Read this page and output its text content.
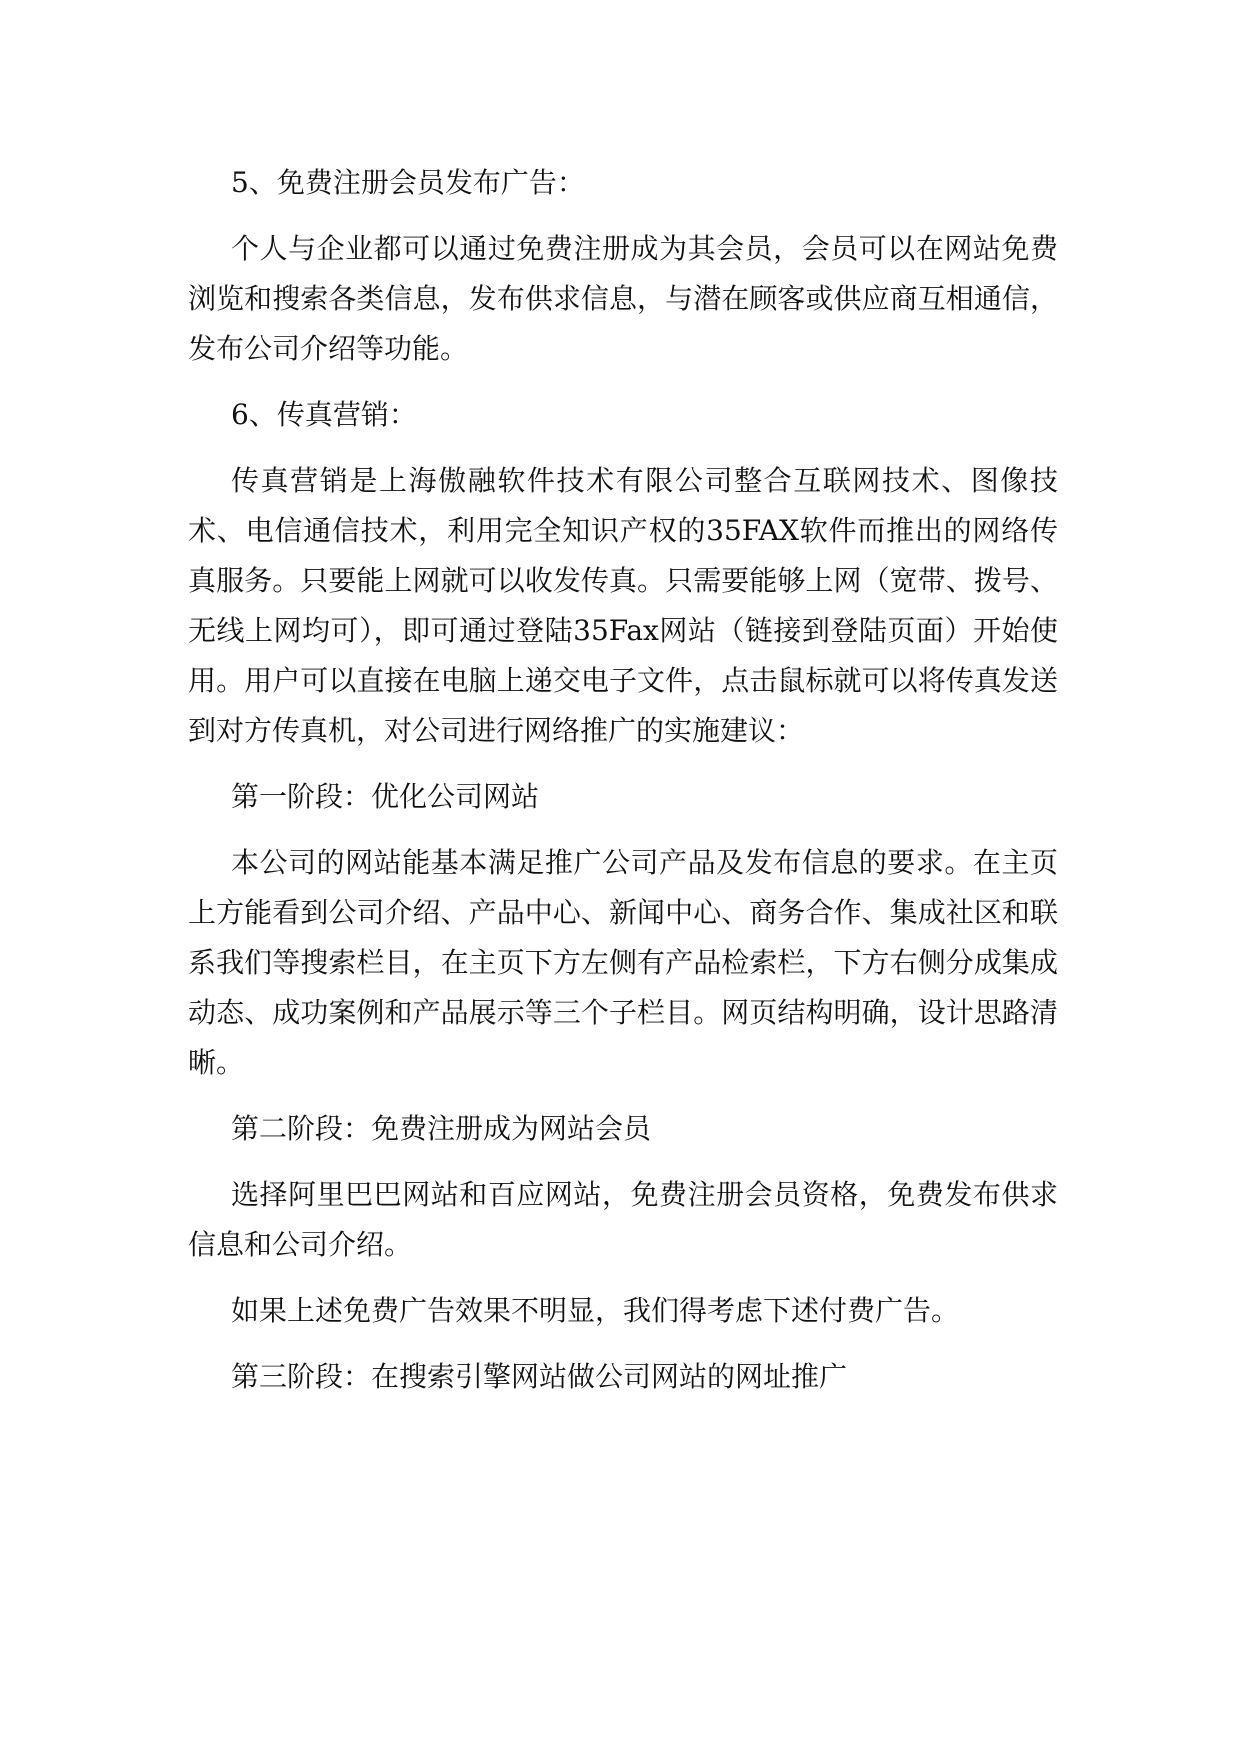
5、免费注册会员发布广告：

个人与企业都可以通过免费注册成为其会员，会员可以在网站免费浏览和搜索各类信息，发布供求信息，与潜在顾客或供应商互相通信，发布公司介绍等功能。

6、传真营销：

传真营销是上海傲融软件技术有限公司整合互联网技术、图像技术、电信通信技术，利用完全知识产权的35FAX软件而推出的网络传真服务。只要能上网就可以收发传真。只需要能够上网（宽带、拨号、无线上网均可），即可通过登陆35Fax网站（链接到登陆页面）开始使用。用户可以直接在电脑上递交电子文件，点击鼠标就可以将传真发送到对方传真机，对公司进行网络推广的实施建议：

第一阶段：优化公司网站

本公司的网站能基本满足推广公司产品及发布信息的要求。在主页上方能看到公司介绍、产品中心、新闻中心、商务合作、集成社区和联系我们等搜索栏目，在主页下方左侧有产品检索栏，下方右侧分成集成动态、成功案例和产品展示等三个子栏目。网页结构明确，设计思路清晰。

第二阶段：免费注册成为网站会员

选择阿里巴巴网站和百应网站，免费注册会员资格，免费发布供求信息和公司介绍。

如果上述免费广告效果不明显，我们得考虑下述付费广告。

第三阶段：在搜索引擎网站做公司网站的网址推广
